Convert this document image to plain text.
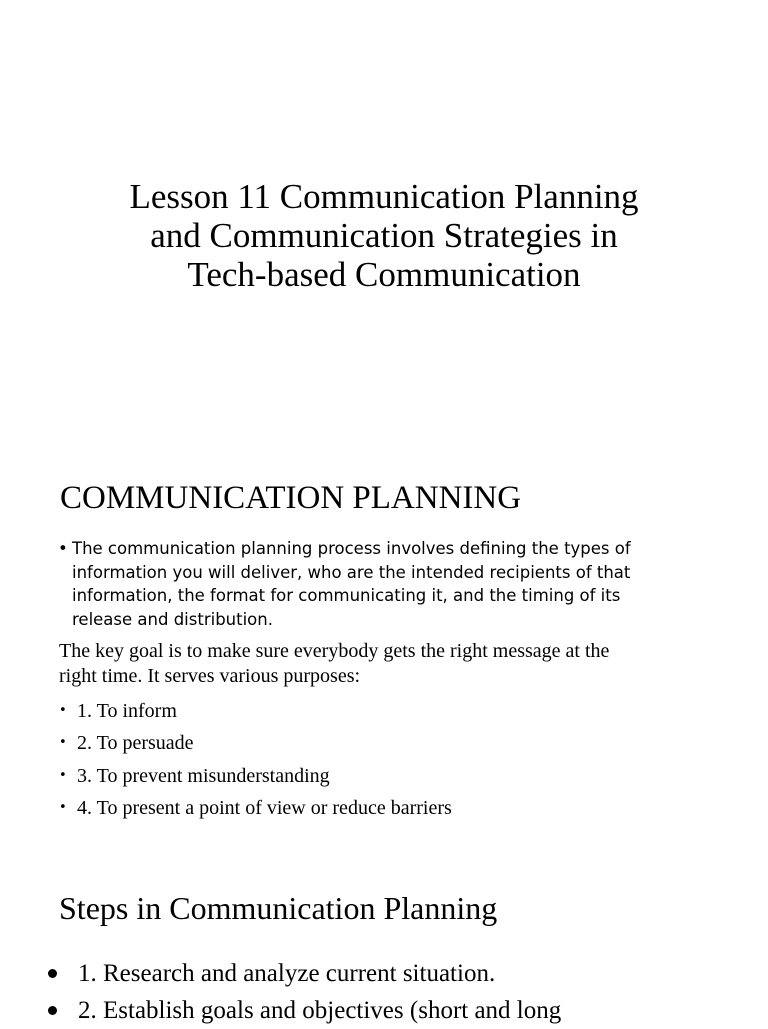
Lesson 11 Communication Planning
and Communication Strategies in
Tech-based Communication
COMMUNICATION PLANNING
• The communication planning process involves defining the types of
information you will deliver, who are the intended recipients of that
information, the format for communicating it, and the timing of its
release and distribution.
The key goal is to make sure everybody gets the right message at the
right time. It serves various purposes:
• 1. To inform
• 2. To persuade
• 3. To prevent misunderstanding
• 4. To present a point of view or reduce barriers
Steps in Communication Planning
1. Research and analyze current situation.
2. Establish goals and objectives (short and long
